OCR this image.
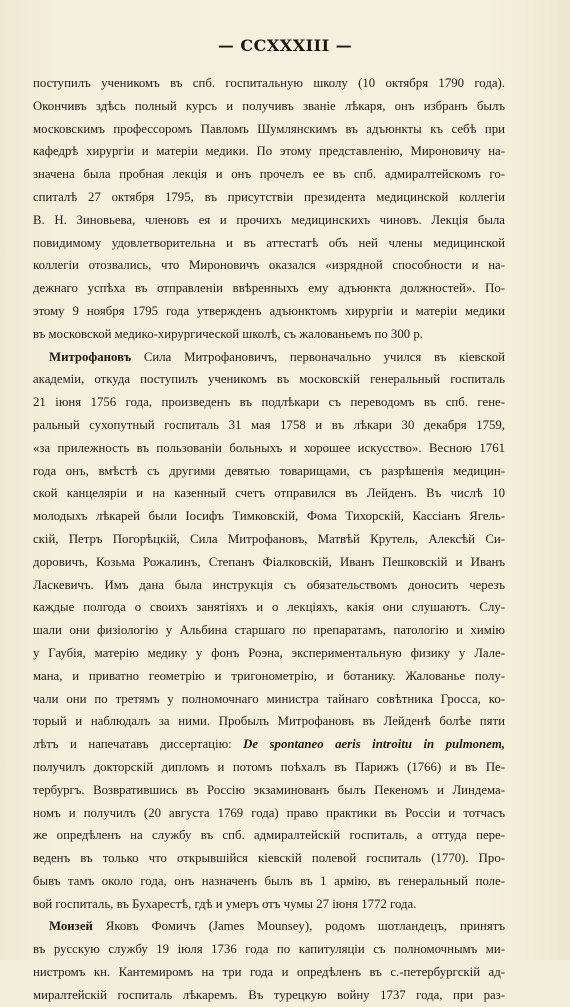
— CCXXXIII —
поступилъ ученикомъ въ спб. госпитальную школу (10 октября 1790 года).
Окончивъ здѣсь полный курсъ и получивъ званіе лѣкаря, онъ избранъ былъ
московскимъ профессоромъ Павломъ Шумлянскимъ въ адъюнкты къ себѣ при
кафедрѣ хирургіи и матеріи медики. По этому представленію, Мироновичу на-
значена была пробная лекція и онъ прочелъ ее въ спб. адмиралтейскомъ го-
спиталѣ 27 октября 1795, въ присутствіи президента медицинской коллегіи
В. Н. Зиновьева, членовъ ея и прочихъ медицинскихъ чиновъ. Лекція была
повидимому удовлетворительна и въ аттестатѣ объ ней члены медицинской
коллегіи отозвались, что Мироновичъ оказался «изрядной способности и на-
дежнаго успѣха въ отправленіи ввѣренныхъ ему адъюнкта должностей». По-
этому 9 ноября 1795 года утвержденъ адъюнктомъ хирургіи и матеріи медики
въ московской медико-хирургической школѣ, съ жалованьемъ по 300 р.
Митрофановъ Сила Митрофановичъ, первоначально учился въ кіевской
академіи, откуда поступилъ ученикомъ въ московскій генеральный госпиталь
21 іюня 1756 года, произведенъ въ подлѣкари съ переводомъ въ спб. гене-
ральный сухопутный госпиталь 31 мая 1758 и въ лѣкари 30 декабря 1759,
«за прилежность въ пользованіи больныхъ и хорошее искусство». Весною 1761
года онъ, вмѣстѣ съ другими девятью товарищами, съ разрѣшенія медицин-
ской канцеляріи и на казенный счетъ отправился въ Лейденъ. Въ числѣ 10
молодыхъ лѣкарей были Іосифъ Тимковскій, Фома Тихорскій, Кассіанъ Ягель-
скій, Петръ Погорѣцкій, Сила Митрофановъ, Матвѣй Крутель, Алексѣй Си-
доровичъ, Козьма Рожалинъ, Степанъ Фіалковскій, Иванъ Пешковскій и Иванъ
Ласкевичъ. Имъ дана была инструкція съ обязательствомъ доносить черезъ
каждые полгода о своихъ занятіяхъ и о лекціяхъ, какія они слушаютъ. Слу-
шали они физіологію у Альбина старшаго по препаратамъ, патологію и химію
у Гаубія, матерію медику у фонъ Роэна, экспериментальную физику у Лале-
мана, и приватно геометрію и тригонометрію, и ботанику. Жалованье полу-
чали они по третямъ у полномочнаго министра тайнаго совѣтника Гросса, ко-
торый и наблюдалъ за ними. Пробылъ Митрофановъ въ Лейденѣ болѣе пяти
лѣтъ и напечатавъ диссертацію: De spontaneo aeris introitu in pulmonem,
получилъ докторскій дипломъ и потомъ поѣхалъ въ Парижъ (1766) и въ Пе-
тербургъ. Возвратившись въ Россію экзаминованъ былъ Пекеномъ и Линдема-
номъ и получилъ (20 августа 1769 года) право практики въ Россіи и тотчасъ
же опредѣленъ на службу въ спб. адмиралтейскій госпиталь, а оттуда пере-
веденъ въ только что открывшійся кіевскій полевой госпиталь (1770). Про-
бывъ тамъ около года, онъ назначенъ былъ въ 1 армію, въ генеральный поле-
вой госпиталь, въ Бухарестѣ, гдѣ и умеръ отъ чумы 27 іюня 1772 года.
Моизей Яковъ Фомичъ (James Mounsey), родомъ шотландецъ, принятъ
въ русскую службу 19 іюля 1736 года по капитуляціи съ полномочнымъ ми-
нистромъ кн. Кантемиромъ на три года и опредѣленъ въ с.-петербургскій ад-
миралтейскій госпиталь лѣкаремъ. Въ турецкую войну 1737 года, при раз-
